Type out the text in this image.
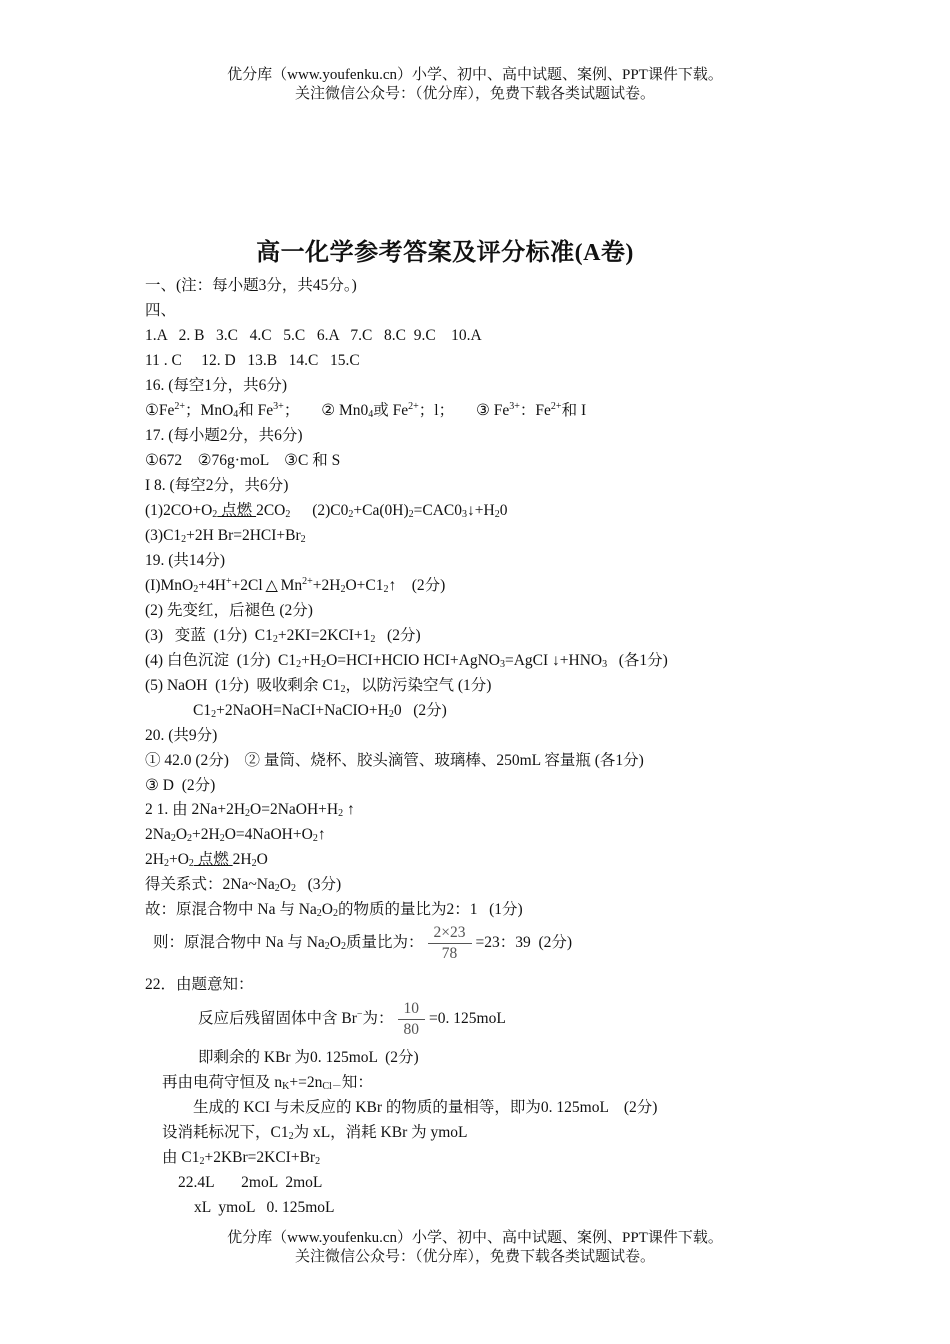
优分库（www.youfenku.cn）小学、初中、高中试题、案例、PPT课件下载。
关注微信公众号：（优分库），免费下载各类试题试卷。
高一化学参考答案及评分标准(A卷)
一、(注：每小题3分，共45分。)
四、
1.A   2. B   3.C   4.C   5.C   6.A   7.C   8.C  9.C    10.A
11 . C     12. D   13.B   14.C   15.C
16. (每空1分，共6分)
$①Fe^{2+}$；MnO$_4$和 $Fe^{3+}$； ② $Mn0_4$或 $Fe^{2+}$；l； ③ $Fe^{3+}$：$Fe^{2+}$和 I
17. (每小题2分，共6分)
①672    ②76g·moL    ③C 和 S
I 8. (每空2分，共6分)
$(1)2CO+O_2$ 点燃 $2CO_2$ $(2)C0_2+Ca(0H)_2=CAC0_3↓+H_20$
$(3)C1_2+2H$ $Br=2HCI+Br_2$
19. (共14分)
(I)MnO$_2$+4H++2Cl △ $Mn^{2+}+2H_2O+C1_2↑$    (2分)
(2) 先变红，后褪色 (2分)
(3)   变蓝  (1分)  $C1_2+2KI=2KCI+1_2$   (2分)
(4) 白色沉淀  (1分)  $C1_2+H_2O=HCI+HCIO$ HCI+AgNO$_3$=AgCI $↓+HNO_3$   (各1分)
(5) NaOH  (1分)  吸收剩余 $C1_2$，以防污染空气 (1分)
$C1_2+2NaOH=NaCI+NaCIO+H_20$   (2分)
20. (共9分)
① 42.0 (2分)    ② 量筒、烧杯、胶头滴管、玻璃棒、250mL 容量瓶 (各1分)
③ D  (2分)
2 1. 由 $2Na+2H_2O=2NaOH+H_2$ ↑
$2Na_2O_2+2H_2O=4NaOH+O_2↑$
$2H_2+O_2$ 点燃 $2H_2O$
得关系式：$2Na\sim Na_2O_2$   (3分)
故：原混合物中 Na 与 $Na_2O_2$的物质的量比为2：1   (1分)
则：原混合物中 Na 与 $Na_2O_2$质量比为： $\frac{2\times 23}{78} =23$：39  (2分)
22．由题意知：
反应后残留固体中含 Br−为： $\frac{10}{80} =0$. 125moL
即剩余的 KBr 为0. 125moL  (2分)
再由电荷守恒及 $n_K+=2n_{Cl-}$知：
生成的 KCI 与未反应的 KBr 的物质的量相等，即为0. 125moL    (2分)
设消耗标况下，$C1_2$为 xL，消耗 KBr 为 ymoL
由 $C1_2+2KBr=2KCI+Br_2$
22.4L       2moL  2moL
xL  ymoL   0. 125moL
优分库（www.youfenku.cn）小学、初中、高中试题、案例、PPT课件下载。
关注微信公众号：（优分库），免费下载各类试题试卷。
